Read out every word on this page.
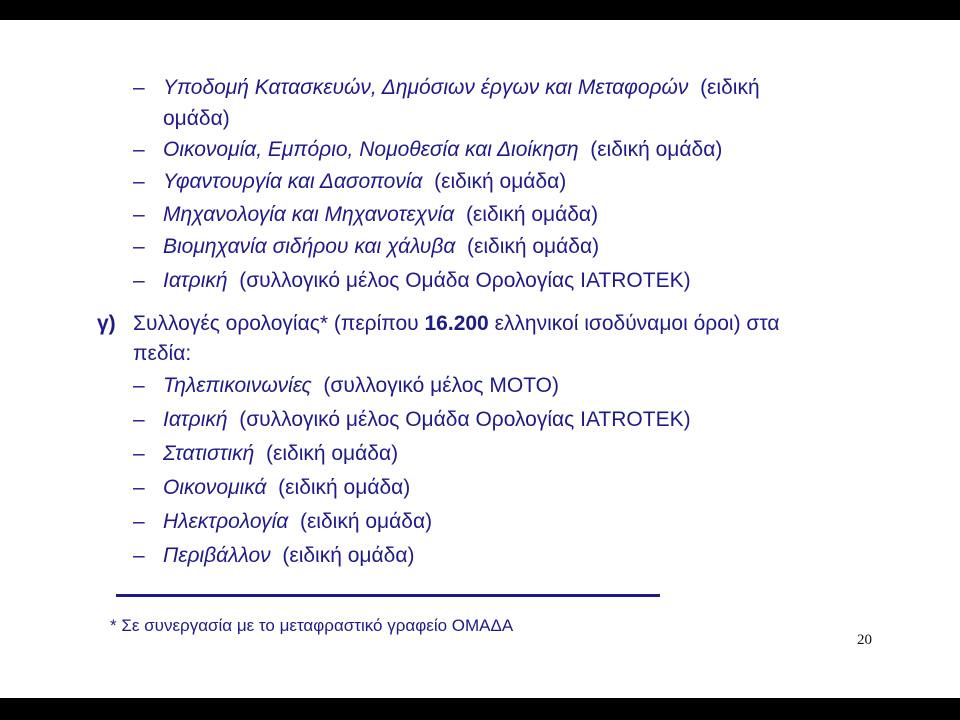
– Υποδομή Κατασκευών, Δημόσιων έργων και Μεταφορών (ειδική
ομάδα)
– Οικονομία, Εμπόριο, Νομοθεσία και Διοίκηση (ειδική ομάδα)
– Υφαντουργία και Δασοπονία (ειδική ομάδα)
– Μηχανολογία και Μηχανοτεχνία (ειδική ομάδα)
– Βιομηχανία σιδήρου και χάλυβα (ειδική ομάδα)
– Ιατρική (συλλογικό μέλος Ομάδα Ορολογίας ΙΑΤROTEK)
γ) Συλλογές ορολογίας* (περίπου 16.200 ελληνικοί ισοδύναμοι όροι) στα
πεδία:
– Τηλεπικοινωνίες (συλλογικό μέλος ΜΟΤΟ)
– Ιατρική (συλλογικό μέλος Ομάδα Ορολογίας ΙΑΤROTEK)
– Στατιστική (ειδική ομάδα)
– Οικονομικά (ειδική ομάδα)
– Ηλεκτρολογία (ειδική ομάδα)
– Περιβάλλον (ειδική ομάδα)
* Σε συνεργασία με το μεταφραστικό γραφείο ΟΜΑΔΑ
20
